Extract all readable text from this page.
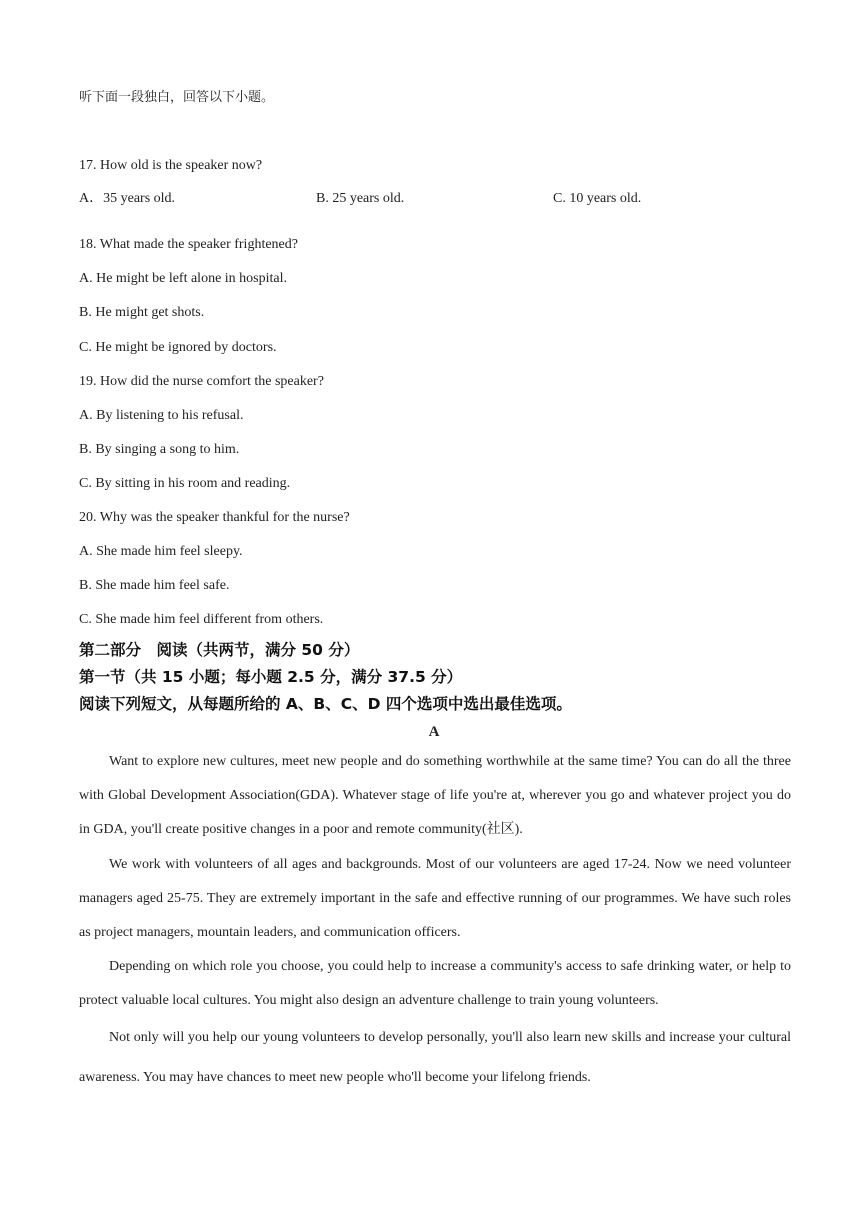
听下面一段独白，回答以下小题。
17. How old is the speaker now?
A．35 years old.	B. 25 years old.	C. 10 years old.
18. What made the speaker frightened?
A. He might be left alone in hospital.
B. He might get shots.
C. He might be ignored by doctors.
19. How did the nurse comfort the speaker?
A. By listening to his refusal.
B. By singing a song to him.
C. By sitting in his room and reading.
20. Why was the speaker thankful for the nurse?
A. She made him feel sleepy.
B. She made him feel safe.
C. She made him feel different from others.
第二部分　阅读（共两节，满分 50 分）
第一节（共 15 小题；每小题 2.5 分，满分 37.5 分）
阅读下列短文，从每题所给的 A、B、C、D 四个选项中选出最佳选项。
A
Want to explore new cultures, meet new people and do something worthwhile at the same time? You can do all the three with Global Development Association(GDA). Whatever stage of life you're at, wherever you go and whatever project you do in GDA, you'll create positive changes in a poor and remote community(社区).
We work with volunteers of all ages and backgrounds. Most of our volunteers are aged 17-24. Now we need volunteer managers aged 25-75. They are extremely important in the safe and effective running of our programmes. We have such roles as project managers, mountain leaders, and communication officers.
Depending on which role you choose, you could help to increase a community's access to safe drinking water, or help to protect valuable local cultures. You might also design an adventure challenge to train young volunteers.
Not only will you help our young volunteers to develop personally, you'll also learn new skills and increase your cultural awareness. You may have chances to meet new people who'll become your lifelong friends.
